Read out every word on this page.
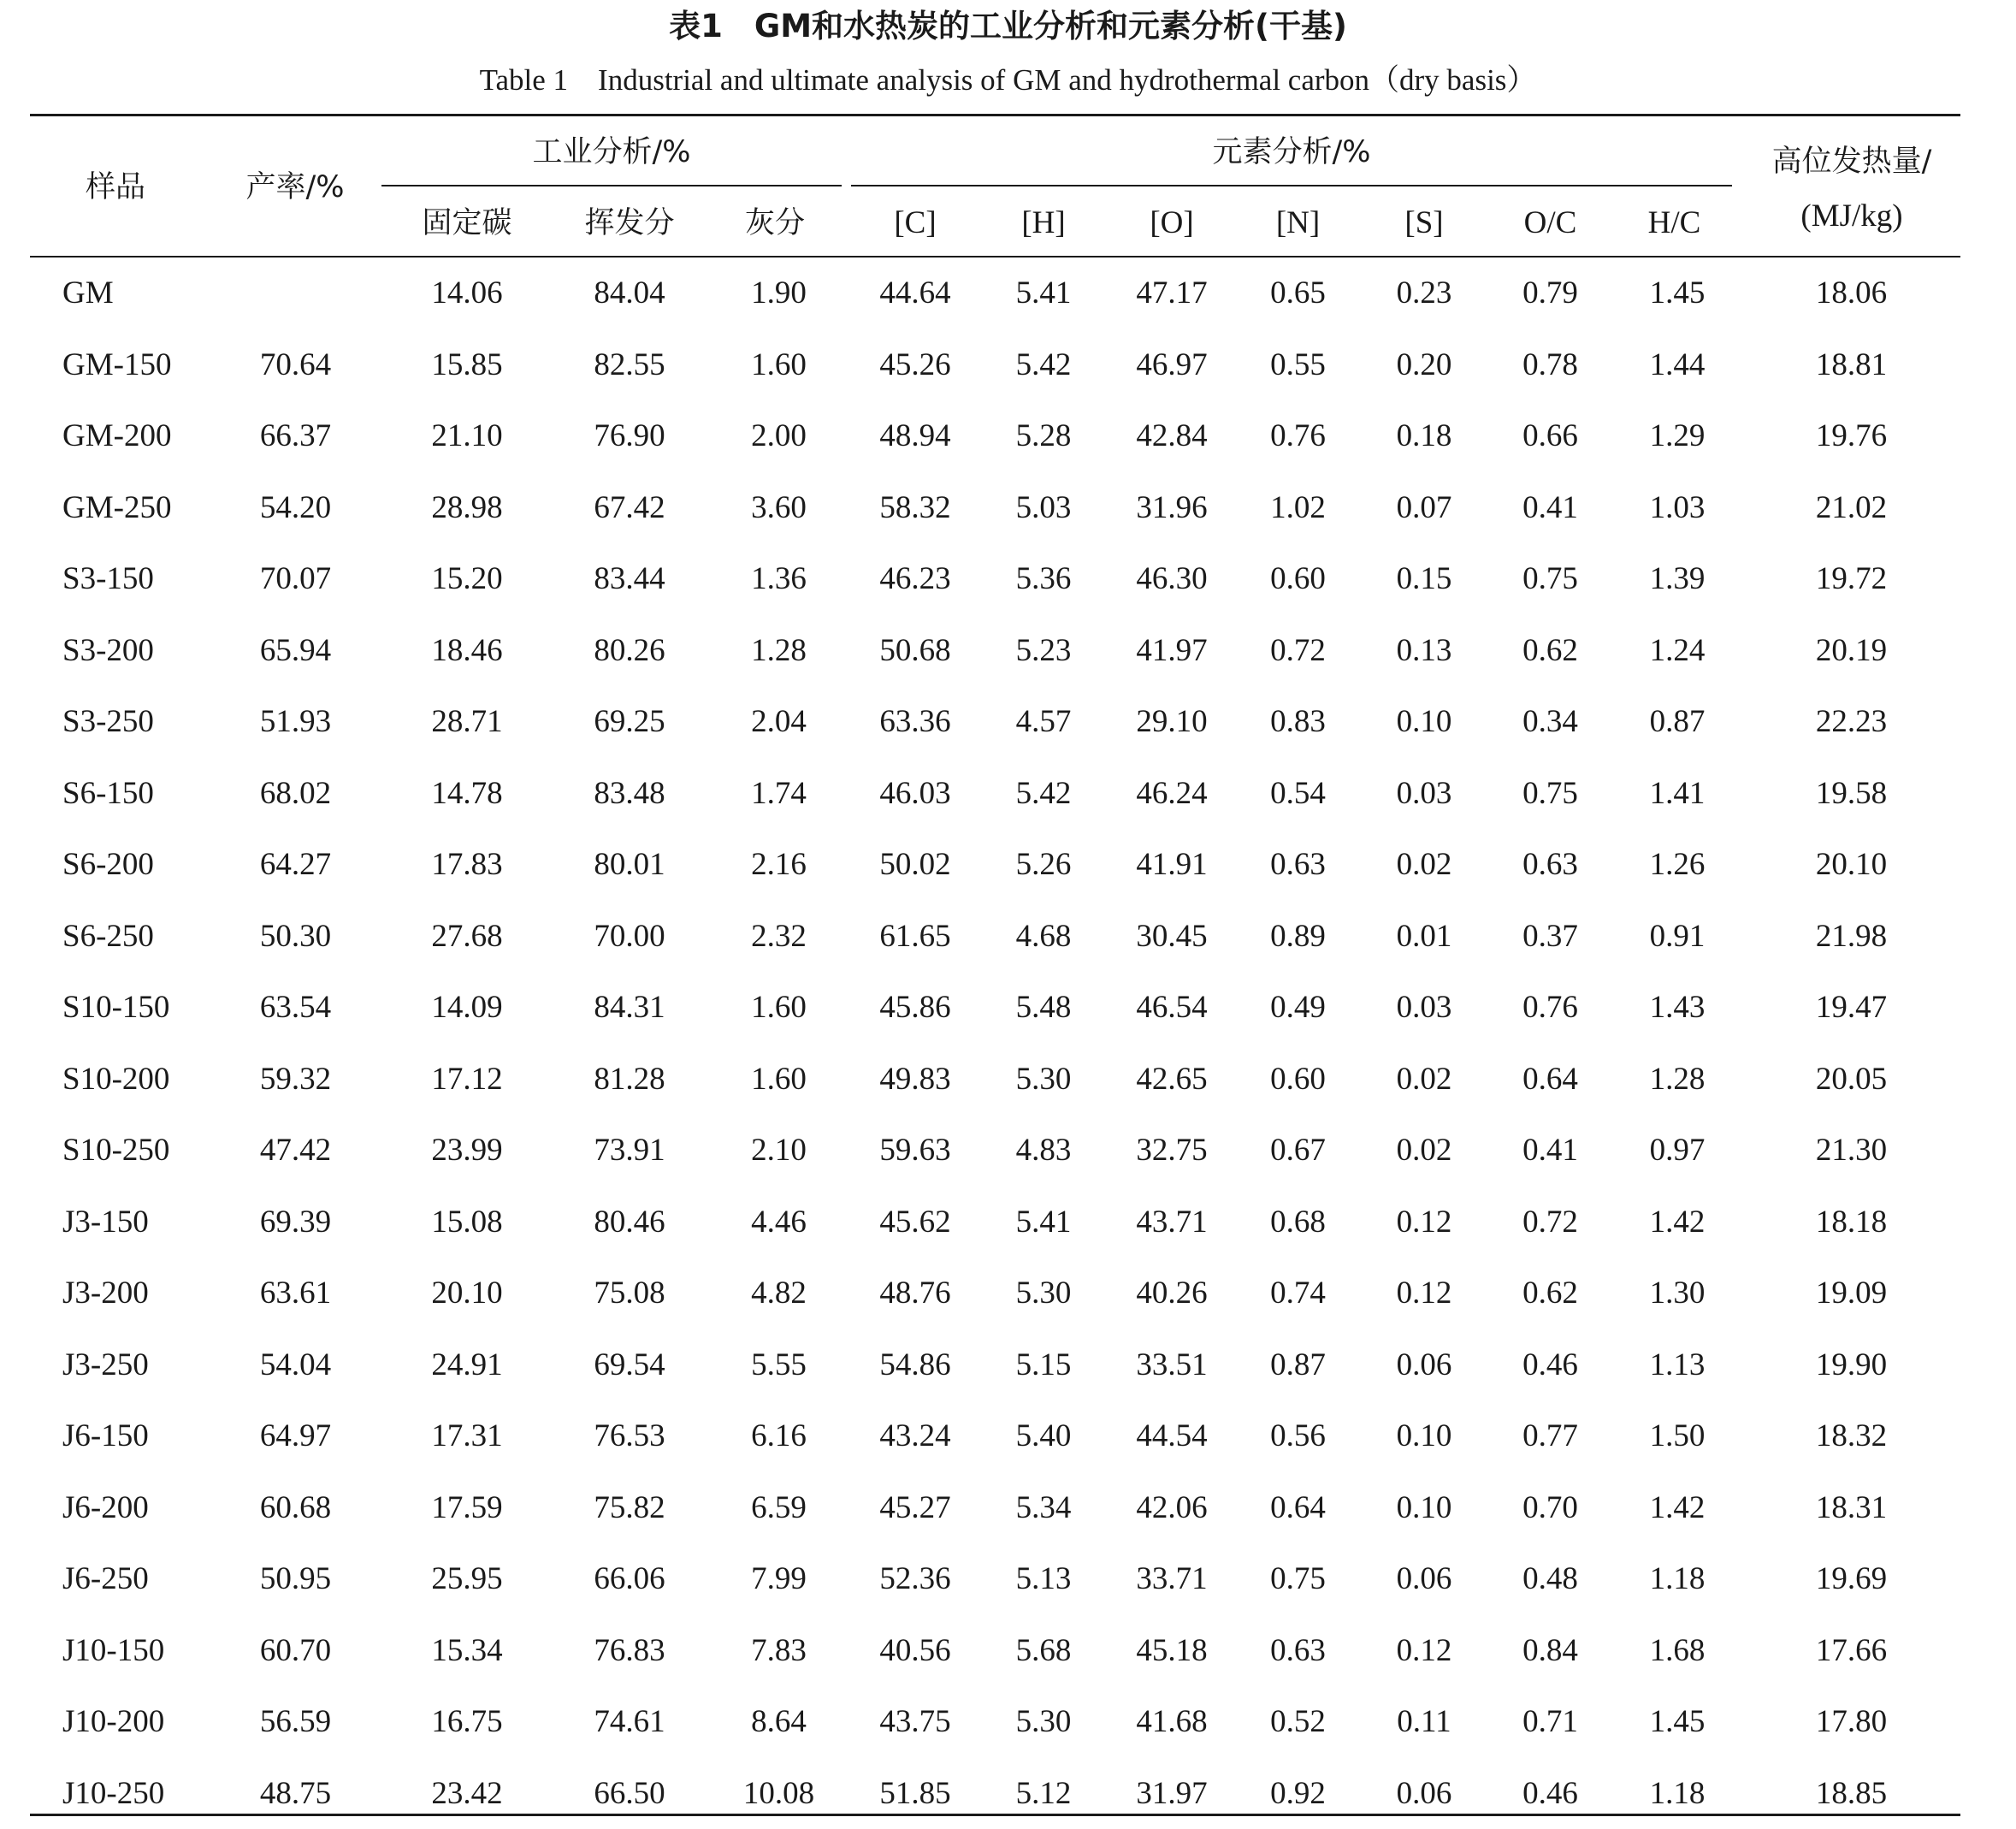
表1　GM和水热炭的工业分析和元素分析(干基)
Table 1　Industrial and ultimate analysis of GM and hydrothermal carbon（dry basis）
样品	产率/%
工业分析/%
固定碳	挥发分	灰分
元素分析/%
[C]	[H]	[O]	[N]	[S]	O/C	H/C
高位发热量/
(MJ/kg)
GM		14.06	84.04	1.90	44.64	5.41	47.17	0.65	0.23	0.79	1.45	18.06
GM-150	70.64	15.85	82.55	1.60	45.26	5.42	46.97	0.55	0.20	0.78	1.44	18.81
GM-200	66.37	21.10	76.90	2.00	48.94	5.28	42.84	0.76	0.18	0.66	1.29	19.76
GM-250	54.20	28.98	67.42	3.60	58.32	5.03	31.96	1.02	0.07	0.41	1.03	21.02
S3-150	70.07	15.20	83.44	1.36	46.23	5.36	46.30	0.60	0.15	0.75	1.39	19.72
S3-200	65.94	18.46	80.26	1.28	50.68	5.23	41.97	0.72	0.13	0.62	1.24	20.19
S3-250	51.93	28.71	69.25	2.04	63.36	4.57	29.10	0.83	0.10	0.34	0.87	22.23
S6-150	68.02	14.78	83.48	1.74	46.03	5.42	46.24	0.54	0.03	0.75	1.41	19.58
S6-200	64.27	17.83	80.01	2.16	50.02	5.26	41.91	0.63	0.02	0.63	1.26	20.10
S6-250	50.30	27.68	70.00	2.32	61.65	4.68	30.45	0.89	0.01	0.37	0.91	21.98
S10-150	63.54	14.09	84.31	1.60	45.86	5.48	46.54	0.49	0.03	0.76	1.43	19.47
S10-200	59.32	17.12	81.28	1.60	49.83	5.30	42.65	0.60	0.02	0.64	1.28	20.05
S10-250	47.42	23.99	73.91	2.10	59.63	4.83	32.75	0.67	0.02	0.41	0.97	21.30
J3-150	69.39	15.08	80.46	4.46	45.62	5.41	43.71	0.68	0.12	0.72	1.42	18.18
J3-200	63.61	20.10	75.08	4.82	48.76	5.30	40.26	0.74	0.12	0.62	1.30	19.09
J3-250	54.04	24.91	69.54	5.55	54.86	5.15	33.51	0.87	0.06	0.46	1.13	19.90
J6-150	64.97	17.31	76.53	6.16	43.24	5.40	44.54	0.56	0.10	0.77	1.50	18.32
J6-200	60.68	17.59	75.82	6.59	45.27	5.34	42.06	0.64	0.10	0.70	1.42	18.31
J6-250	50.95	25.95	66.06	7.99	52.36	5.13	33.71	0.75	0.06	0.48	1.18	19.69
J10-150	60.70	15.34	76.83	7.83	40.56	5.68	45.18	0.63	0.12	0.84	1.68	17.66
J10-200	56.59	16.75	74.61	8.64	43.75	5.30	41.68	0.52	0.11	0.71	1.45	17.80
J10-250	48.75	23.42	66.50	10.08	51.85	5.12	31.97	0.92	0.06	0.46	1.18	18.85
